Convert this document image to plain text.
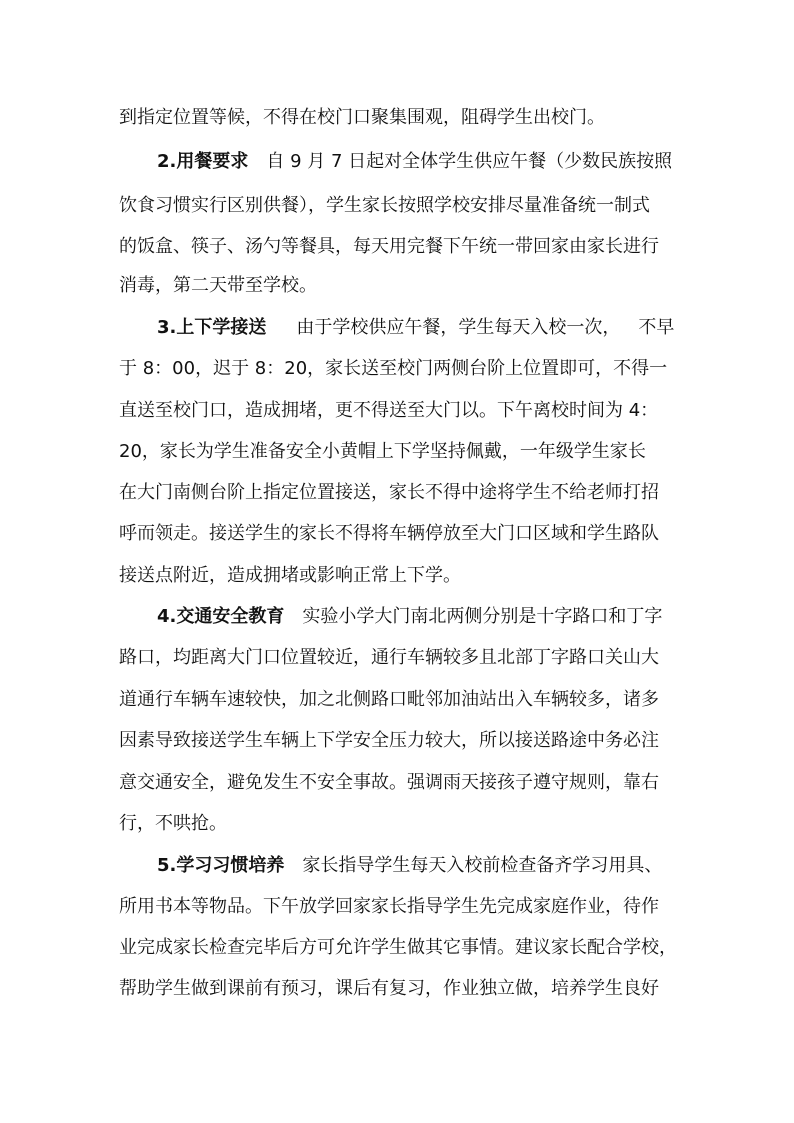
到指定位置等候，不得在校门口聚集围观，阻碍学生出校门。
2.用餐要求 自 9 月 7 日起对全体学生供应午餐（少数民族按照
饮食习惯实行区别供餐），学生家长按照学校安排尽量准备统一制式
的饭盒、筷子、汤勺等餐具，每天用完餐下午统一带回家由家长进行
消毒，第二天带至学校。
3.上下学接送 由于学校供应午餐，学生每天入校一次， 不早
于 8：00，迟于 8：20，家长送至校门两侧台阶上位置即可，不得一
直送至校门口，造成拥堵，更不得送至大门以。下午离校时间为 4：
20，家长为学生准备安全小黄帽上下学坚持佩戴，一年级学生家长
在大门南侧台阶上指定位置接送，家长不得中途将学生不给老师打招
呼而领走。接送学生的家长不得将车辆停放至大门口区域和学生路队
接送点附近，造成拥堵或影响正常上下学。
4.交通安全教育 实验小学大门南北两侧分别是十字路口和丁字
路口，均距离大门口位置较近，通行车辆较多且北部丁字路口关山大
道通行车辆车速较快，加之北侧路口毗邻加油站出入车辆较多，诸多
因素导致接送学生车辆上下学安全压力较大，所以接送路途中务必注
意交通安全，避免发生不安全事故。强调雨天接孩子遵守规则，靠右
行，不哄抢。
5.学习习惯培养 家长指导学生每天入校前检查备齐学习用具、
所用书本等物品。下午放学回家家长指导学生先完成家庭作业，待作
业完成家长检查完毕后方可允许学生做其它事情。建议家长配合学校，
帮助学生做到课前有预习，课后有复习，作业独立做，培养学生良好
